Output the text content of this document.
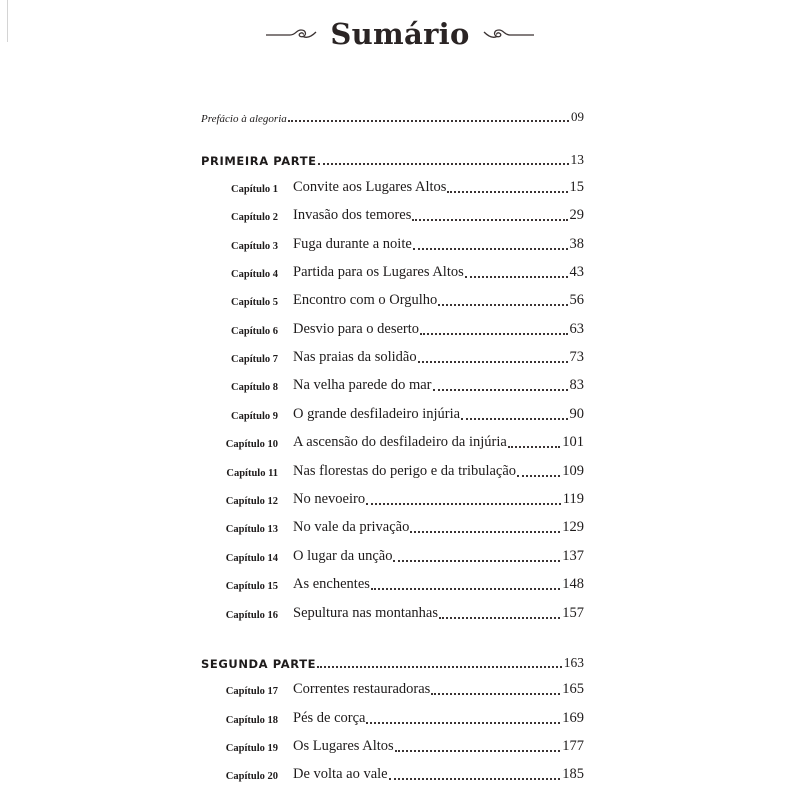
Sumário
Prefácio à alegoria	09
PRIMEIRA PARTE	13
Capítulo 1 Convite aos Lugares Altos	15
Capítulo 2 Invasão dos temores	29
Capítulo 3 Fuga durante a noite	38
Capítulo 4 Partida para os Lugares Altos	43
Capítulo 5 Encontro com o Orgulho	56
Capítulo 6 Desvio para o deserto	63
Capítulo 7 Nas praias da solidão	73
Capítulo 8 Na velha parede do mar	83
Capítulo 9 O grande desfiladeiro injúria	90
Capítulo 10 A ascensão do desfiladeiro da injúria	101
Capítulo 11 Nas florestas do perigo e da tribulação	109
Capítulo 12 No nevoeiro	119
Capítulo 13 No vale da privação	129
Capítulo 14 O lugar da unção	137
Capítulo 15 As enchentes	148
Capítulo 16 Sepultura nas montanhas	157
SEGUNDA PARTE	163
Capítulo 17 Correntes restauradoras	165
Capítulo 18 Pés de corça	169
Capítulo 19 Os Lugares Altos	177
Capítulo 20 De volta ao vale	185
